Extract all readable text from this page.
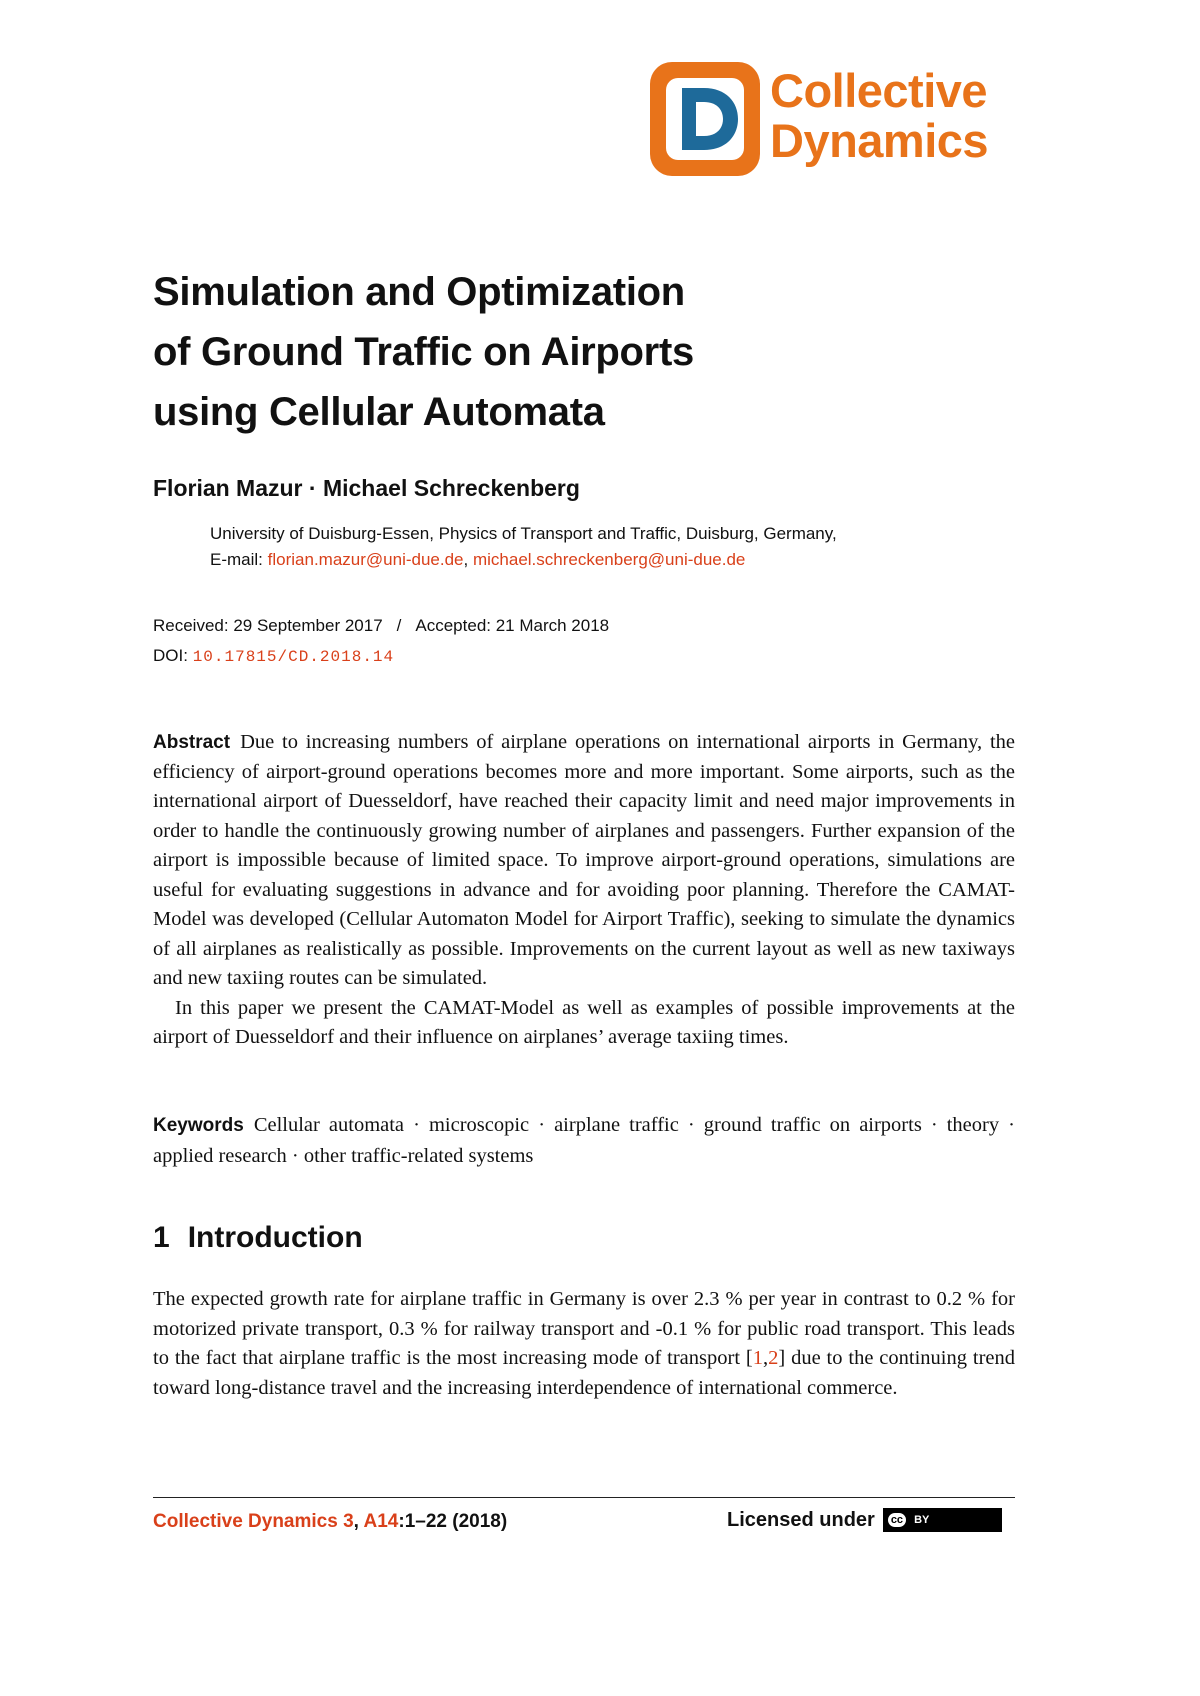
Collective
Dynamics
Simulation and Optimization
of Ground Traffic on Airports
using Cellular Automata
Florian Mazur · Michael Schreckenberg
University of Duisburg-Essen, Physics of Transport and Traffic, Duisburg, Germany,
E-mail: florian.mazur@uni-due.de, michael.schreckenberg@uni-due.de
Received: 29 September 2017 / Accepted: 21 March 2018
DOI: 10.17815/CD.2018.14

Abstract Due to increasing numbers of airplane operations on international airports in Germany, the efficiency of airport-ground operations becomes more and more important. Some airports, such as the international airport of Duesseldorf, have reached their capacity limit and need major improvements in order to handle the continuously growing number of airplanes and passengers. Further expansion of the airport is impossible because of limited space. To improve airport-ground operations, simulations are useful for evaluating suggestions in advance and for avoiding poor planning. Therefore the CAMAT-Model was developed (Cellular Automaton Model for Airport Traffic), seeking to simulate the dynamics of all airplanes as realistically as possible. Improvements on the current layout as well as new taxiways and new taxiing routes can be simulated.

In this paper we present the CAMAT-Model as well as examples of possible improvements at the airport of Duesseldorf and their influence on airplanes’ average taxiing times.

Keywords Cellular automata · microscopic · airplane traffic · ground traffic on airports · theory · applied research · other traffic-related systems
1 Introduction

The expected growth rate for airplane traffic in Germany is over 2.3 % per year in contrast to 0.2 % for motorized private transport, 0.3 % for railway transport and -0.1 % for public road transport. This leads to the fact that airplane traffic is the most increasing mode of transport [1,2] due to the continuing trend toward long-distance travel and the increasing interdependence of international commerce.

Collective Dynamics 3, A14:1–22 (2018)	Licensed under	cc	BY
